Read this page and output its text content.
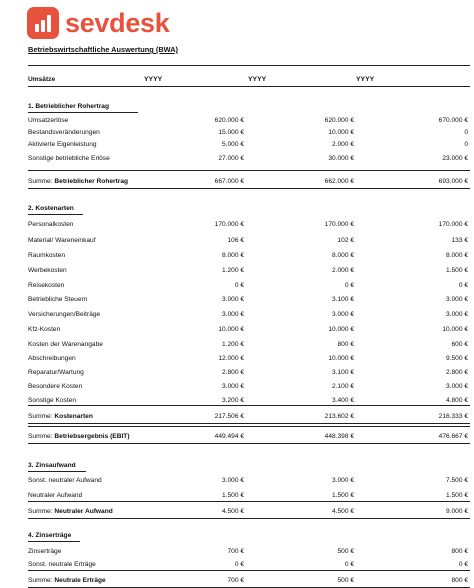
sevdesk
Betriebswirtschaftliche Auswertung (BWA)
Umsätze	YYYY	YYYY	YYYY
1. Betrieblicher Rohertrag
Umsatzerlöse	620.000 €	620.000 €	670.000 €
Bestandsveränderungen	15.000 €	10.000 €	0
Aktivierte Eigenleistung	5.000 €	2.000 €	0
Sonstige betriebliche Erlöse	27.000 €	30.000 €	23.000 €
Summe: Betrieblicher Rohertrag	667.000 €	662.000 €	693.000 €
2. Kostenarten
Personalkosten	170.000 €	170.000 €	170.000 €
Material/ Wareneinkauf	106 €	102 €	133 €
Raumkosten	8.000 €	8.000 €	8.000 €
Werbekosten	1.200 €	2.000 €	1.500 €
Reisekosten	0 €	0 €	0 €
Betriebliche Steuern	3.000 €	3.100 €	3.000 €
Versicherungen/Beiträge	3.000 €	3.000 €	3.000 €
Kfz-Kosten	10.000 €	10.000 €	10.000 €
Kosten der Warenangabe	1.200 €	800 €	600 €
Abschreibungen	12.000 €	10.000 €	9.500 €
Reparatur/Wartung	2.800 €	3.100 €	2.800 €
Besondere Kosten	3.000 €	2.100 €	3.000 €
Sonstige Kosten	3.200 €	3.400 €	4.800 €
Summe: Kostenarten	217.506 €	213.602 €	216.333 €
Summe: Betriebsergebnis (EBIT)	449.494 €	448.398 €	476.667 €
3. Zinsaufwand
Sonst. neutraler Aufwand	3.000 €	3.000 €	7.500 €
Neutraler Aufwand	1.500 €	1.500 €	1.500 €
Summe: Neutraler Aufwand	4.500 €	4.500 €	9.000 €
4. Zinserträge
Zinserträge	700 €	500 €	800 €
Sonst. neutrale Erträge	0 €	0 €	0 €
Summe: Neutrale Erträge	700 €	500 €	800 €
